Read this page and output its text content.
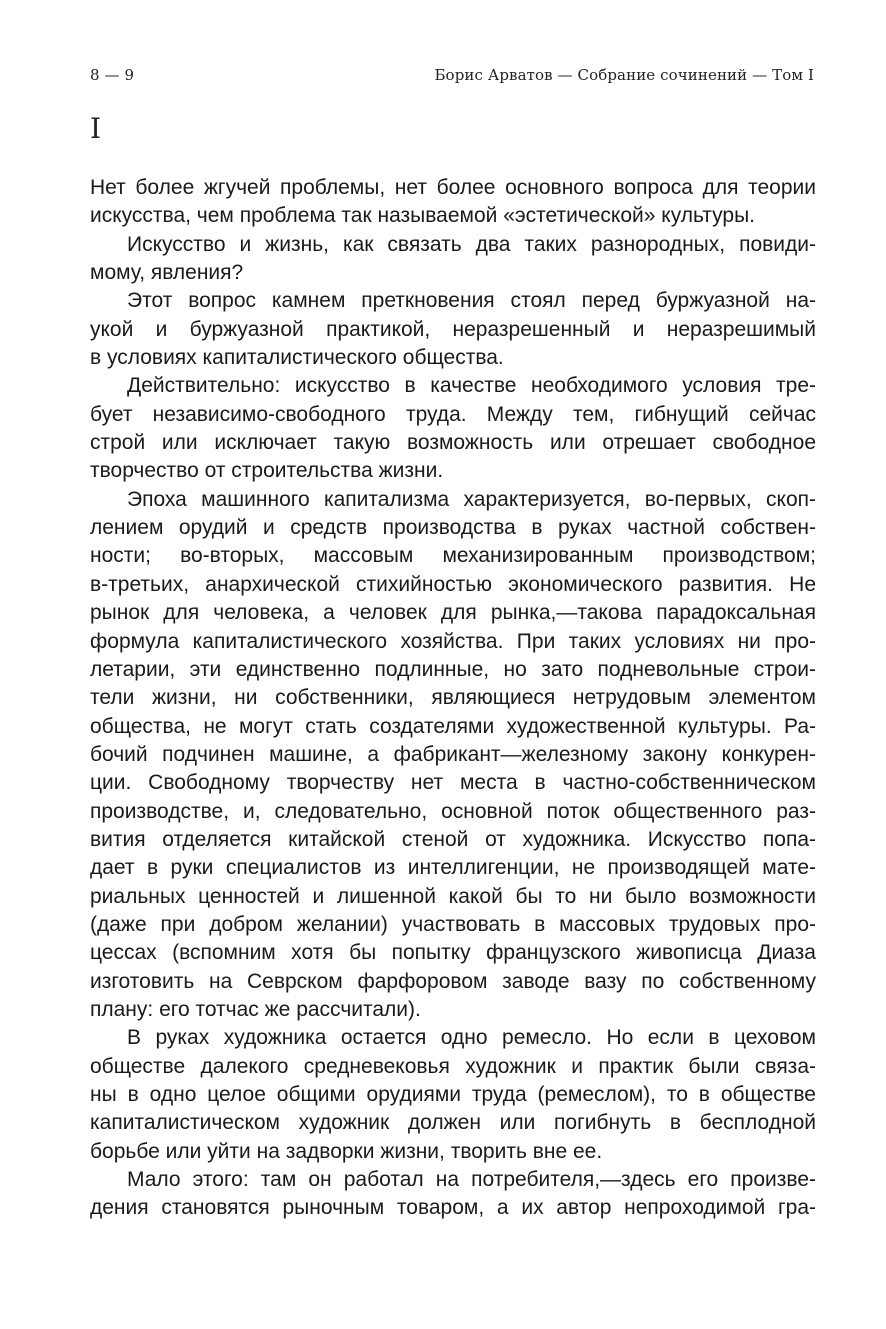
8 — 9	Борис Арватов — Собрание сочинений — Том I
I
Нет более жгучей проблемы, нет более основного вопроса для теории
искусства, чем проблема так называемой «эстетической» культуры.
Искусство и жизнь, как связать два таких разнородных, повиди-
мому, явления?
Этот вопрос камнем преткновения стоял перед буржуазной на-
укой и буржуазной практикой, неразрешенный и неразрешимый
в условиях капиталистического общества.
Действительно: искусство в качестве необходимого условия тре-
бует независимо-свободного труда. Между тем, гибнущий сейчас
строй или исключает такую возможность или отрешает свободное
творчество от строительства жизни.
Эпоха машинного капитализма характеризуется, во-первых, скоп-
лением орудий и средств производства в руках частной собствен-
ности; во-вторых, массовым механизированным производством;
в-третьих, анархической стихийностью экономического развития. Не
рынок для человека, а человек для рынка,—такова парадоксальная
формула капиталистического хозяйства. При таких условиях ни про-
летарии, эти единственно подлинные, но зато подневольные строи-
тели жизни, ни собственники, являющиеся нетрудовым элементом
общества, не могут стать создателями художественной культуры. Ра-
бочий подчинен машине, а фабрикант—железному закону конкурен-
ции. Свободному творчеству нет места в частно-собственническом
производстве, и, следовательно, основной поток общественного раз-
вития отделяется китайской стеной от художника. Искусство попа-
дает в руки специалистов из интеллигенции, не производящей мате-
риальных ценностей и лишенной какой бы то ни было возможности
(даже при добром желании) участвовать в массовых трудовых про-
цессах (вспомним хотя бы попытку французского живописца Диаза
изготовить на Севрском фарфоровом заводе вазу по собственному
плану: его тотчас же рассчитали).
В руках художника остается одно ремесло. Но если в цеховом
обществе далекого средневековья художник и практик были связа-
ны в одно целое общими орудиями труда (ремеслом), то в обществе
капиталистическом художник должен или погибнуть в бесплодной
борьбе или уйти на задворки жизни, творить вне ее.
Мало этого: там он работал на потребителя,—здесь его произве-
дения становятся рыночным товаром, а их автор непроходимой гра-
